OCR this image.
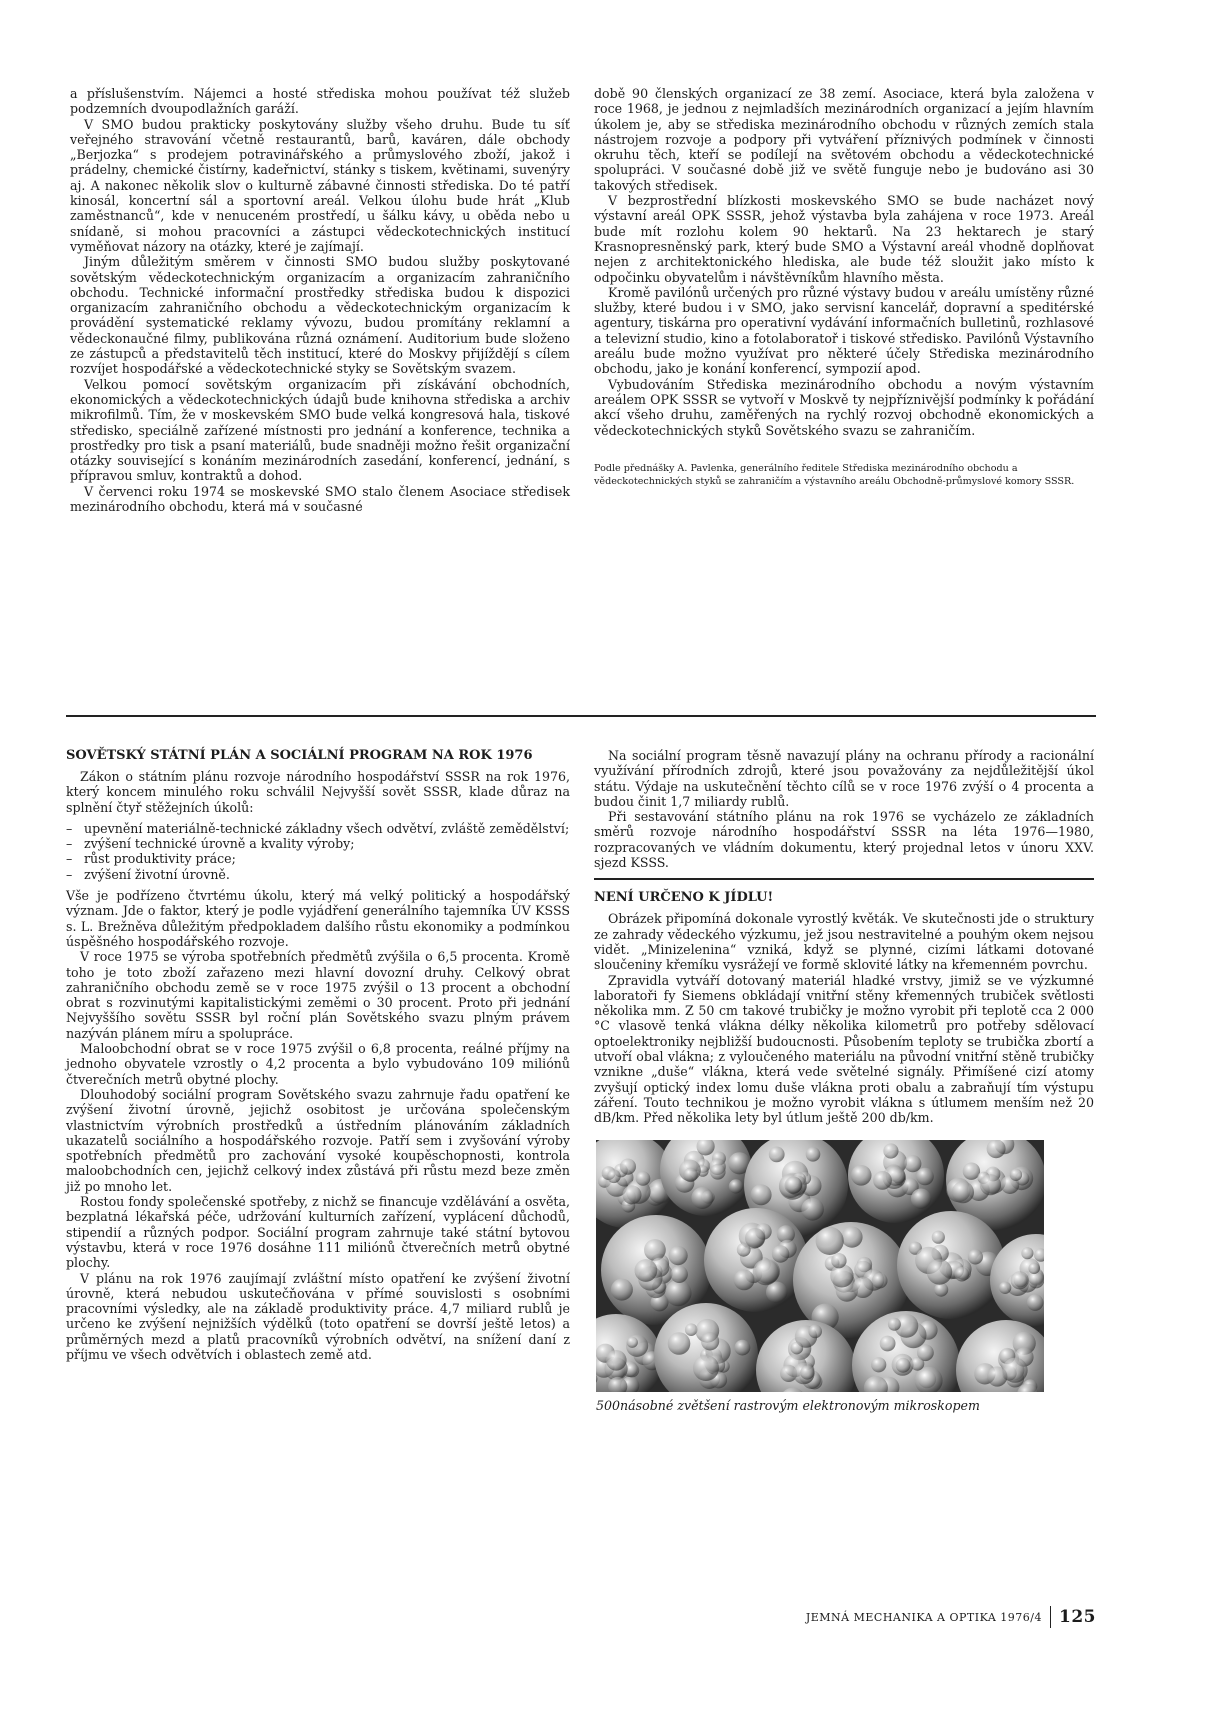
a příslušenstvím. Nájemci a hosté střediska mohou používat též služeb podzemních dvoupodlažních garáží.

V SMO budou prakticky poskytovány služby všeho druhu. Bude tu síť veřejného stravování včetně restaurantů, barů, kaváren, dále obchody „Berjozka“ s prodejem potravinářského a průmyslového zboží, jakož i prádelny, chemické čistírny, kadeřnictví, stánky s tiskem, květinami, suvenýry aj. A nakonec několik slov o kulturně zábavné činnosti střediska. Do té patří kinosál, koncertní sál a sportovní areál. Velkou úlohu bude hrát „Klub zaměstnanců“, kde v nenuceném prostředí, u šálku kávy, u oběda nebo u snídaně, si mohou pracovníci a zástupci vědeckotechnických institucí vyměňovat názory na otázky, které je zajímají.

Jiným důležitým směrem v činnosti SMO budou služby poskytované sovětským vědeckotechnickým organizacím a organizacím zahraničního obchodu. Technické informační prostředky střediska budou k dispozici organizacím zahraničního obchodu a vědeckotechnickým organizacím k provádění systematické reklamy vývozu, budou promítány reklamní a vědeckonaučné filmy, publikována různá oznámení. Auditorium bude složeno ze zástupců a představitelů těch institucí, které do Moskvy přijíždějí s cílem rozvíjet hospodářské a vědeckotechnické styky se Sovětským svazem.

Velkou pomocí sovětským organizacím při získávání obchodních, ekonomických a vědeckotechnických údajů bude knihovna střediska a archiv mikrofilmů. Tím, že v moskevském SMO bude velká kongresová hala, tiskové středisko, speciálně zařízené místnosti pro jednání a konference, technika a prostředky pro tisk a psaní materiálů, bude snadněji možno řešit organizační otázky související s konáním mezinárodních zasedání, konferencí, jednání, s přípravou smluv, kontraktů a dohod.

V červenci roku 1974 se moskevské SMO stalo členem Asociace středisek mezinárodního obchodu, která má v současné

době 90 členských organizací ze 38 zemí. Asociace, která byla založena v roce 1968, je jednou z nejmladších mezinárodních organizací a jejím hlavním úkolem je, aby se střediska mezinárodního obchodu v různých zemích stala nástrojem rozvoje a podpory při vytváření příznivých podmínek v činnosti okruhu těch, kteří se podílejí na světovém obchodu a vědeckotechnické spolupráci. V současné době již ve světě funguje nebo je budováno asi 30 takových středisek.

V bezprostřední blízkosti moskevského SMO se bude nacházet nový výstavní areál OPK SSSR, jehož výstavba byla zahájena v roce 1973. Areál bude mít rozlohu kolem 90 hektarů. Na 23 hektarech je starý Krasnopresněnský park, který bude SMO a Výstavní areál vhodně doplňovat nejen z architektonického hlediska, ale bude též sloužit jako místo k odpočinku obyvatelům i návštěvníkům hlavního města.

Kromě pavilónů určených pro různé výstavy budou v areálu umístěny různé služby, které budou i v SMO, jako servisní kancelář, dopravní a speditérské agentury, tiskárna pro operativní vydávání informačních bulletinů, rozhlasové a televizní studio, kino a fotolaboratoř i tiskové středisko. Pavilónů Výstavního areálu bude možno využívat pro některé účely Střediska mezinárodního obchodu, jako je konání konferencí, sympozií apod.

Vybudováním Střediska mezinárodního obchodu a novým výstavním areálem OPK SSSR se vytvoří v Moskvě ty nejpříznivější podmínky k pořádání akcí všeho druhu, zaměřených na rychlý rozvoj obchodně ekonomických a vědeckotechnických styků Sovětského svazu se zahraničím.

Podle přednášky A. Pavlenka, generálního ředitele Střediska mezinárodního obchodu a vědeckotechnických styků se zahraničím a výstavního areálu Obchodně-průmyslové komory SSSR.

SOVĚTSKÝ STÁTNÍ PLÁN A SOCIÁLNÍ PROGRAM NA ROK 1976

Zákon o státním plánu rozvoje národního hospodářství SSSR na rok 1976, který koncem minulého roku schválil Nejvyšší sovět SSSR, klade důraz na splnění čtyř stěžejních úkolů:

– upevnění materiálně-technické základny všech odvětví, zvláště zemědělství;
– zvýšení technické úrovně a kvality výroby;
– růst produktivity práce;
– zvýšení životní úrovně.

Vše je podřízeno čtvrtému úkolu, který má velký politický a hospodářský význam. Jde o faktor, který je podle vyjádření generálního tajemníka ÚV KSSS s. L. Brežněva důležitým předpokladem dalšího růstu ekonomiky a podmínkou úspěšného hospodářského rozvoje.

V roce 1975 se výroba spotřebních předmětů zvýšila o 6,5 procenta. Kromě toho je toto zboží zařazeno mezi hlavní dovozní druhy. Celkový obrat zahraničního obchodu země se v roce 1975 zvýšil o 13 procent a obchodní obrat s rozvinutými kapitalistickými zeměmi o 30 procent. Proto při jednání Nejvyššího sovětu SSSR byl roční plán Sovětského svazu plným právem nazýván plánem míru a spolupráce.

Maloobchodní obrat se v roce 1975 zvýšil o 6,8 procenta, reálné příjmy na jednoho obyvatele vzrostly o 4,2 procenta a bylo vybudováno 109 miliónů čtverečních metrů obytné plochy.

Dlouhodobý sociální program Sovětského svazu zahrnuje řadu opatření ke zvýšení životní úrovně, jejichž osobitost je určována společenským vlastnictvím výrobních prostředků a ústředním plánováním základních ukazatelů sociálního a hospodářského rozvoje. Patří sem i zvyšování výroby spotřebních předmětů pro zachování vysoké koupěschopnosti, kontrola maloobchodních cen, jejichž celkový index zůstává při růstu mezd beze změn již po mnoho let.

Rostou fondy společenské spotřeby, z nichž se financuje vzdělávání a osvěta, bezplatná lékařská péče, udržování kulturních zařízení, vyplácení důchodů, stipendií a různých podpor. Sociální program zahrnuje také státní bytovou výstavbu, která v roce 1976 dosáhne 111 miliónů čtverečních metrů obytné plochy.

V plánu na rok 1976 zaujímají zvláštní místo opatření ke zvýšení životní úrovně, která nebudou uskutečňována v přímé souvislosti s osobními pracovními výsledky, ale na základě produktivity práce. 4,7 miliard rublů je určeno ke zvýšení nejnižších výdělků (toto opatření se dovrší ještě letos) a průměrných mezd a platů pracovníků výrobních odvětví, na snížení daní z příjmu ve všech odvětvích i oblastech země atd.

Na sociální program těsně navazují plány na ochranu přírody a racionální využívání přírodních zdrojů, které jsou považovány za nejdůležitější úkol státu. Výdaje na uskutečnění těchto cílů se v roce 1976 zvýší o 4 procenta a budou činit 1,7 miliardy rublů.

Při sestavování státního plánu na rok 1976 se vycházelo ze základních směrů rozvoje národního hospodářství SSSR na léta 1976—1980, rozpracovaných ve vládním dokumentu, který projednal letos v únoru XXV. sjezd KSSS.

NENÍ URČENO K JÍDLU!

Obrázek připomíná dokonale vyrostlý květák. Ve skutečnosti jde o struktury ze zahrady vědeckého výzkumu, jež jsou nestravitelné a pouhým okem nejsou vidět. „Minizelenina“ vzniká, když se plynné, cizími látkami dotované sloučeniny křemíku vysrážejí ve formě sklovité látky na křemenném povrchu.

Zpravidla vytváří dotovaný materiál hladké vrstvy, jimiž se ve výzkumné laboratoři fy Siemens obkládají vnitřní stěny křemenných trubiček světlosti několika mm. Z 50 cm takové trubičky je možno vyrobit při teplotě cca 2 000 °C vlasově tenká vlákna délky několika kilometrů pro potřeby sdělovací optoelektroniky nejbližší budoucnosti. Působením teploty se trubička zbortí a utvoří obal vlákna; z vyloučeného materiálu na původní vnitřní stěně trubičky vznikne „duše“ vlákna, která vede světelné signály. Přimíšené cizí atomy zvyšují optický index lomu duše vlákna proti obalu a zabraňují tím výstupu záření. Touto technikou je možno vyrobit vlákna s útlumem menším než 20 dB/km. Před několika lety byl útlum ještě 200 db/km.

500násobné zvětšení rastrovým elektronovým mikroskopem

JEMNÁ MECHANIKA A OPTIKA 1976/4 125
